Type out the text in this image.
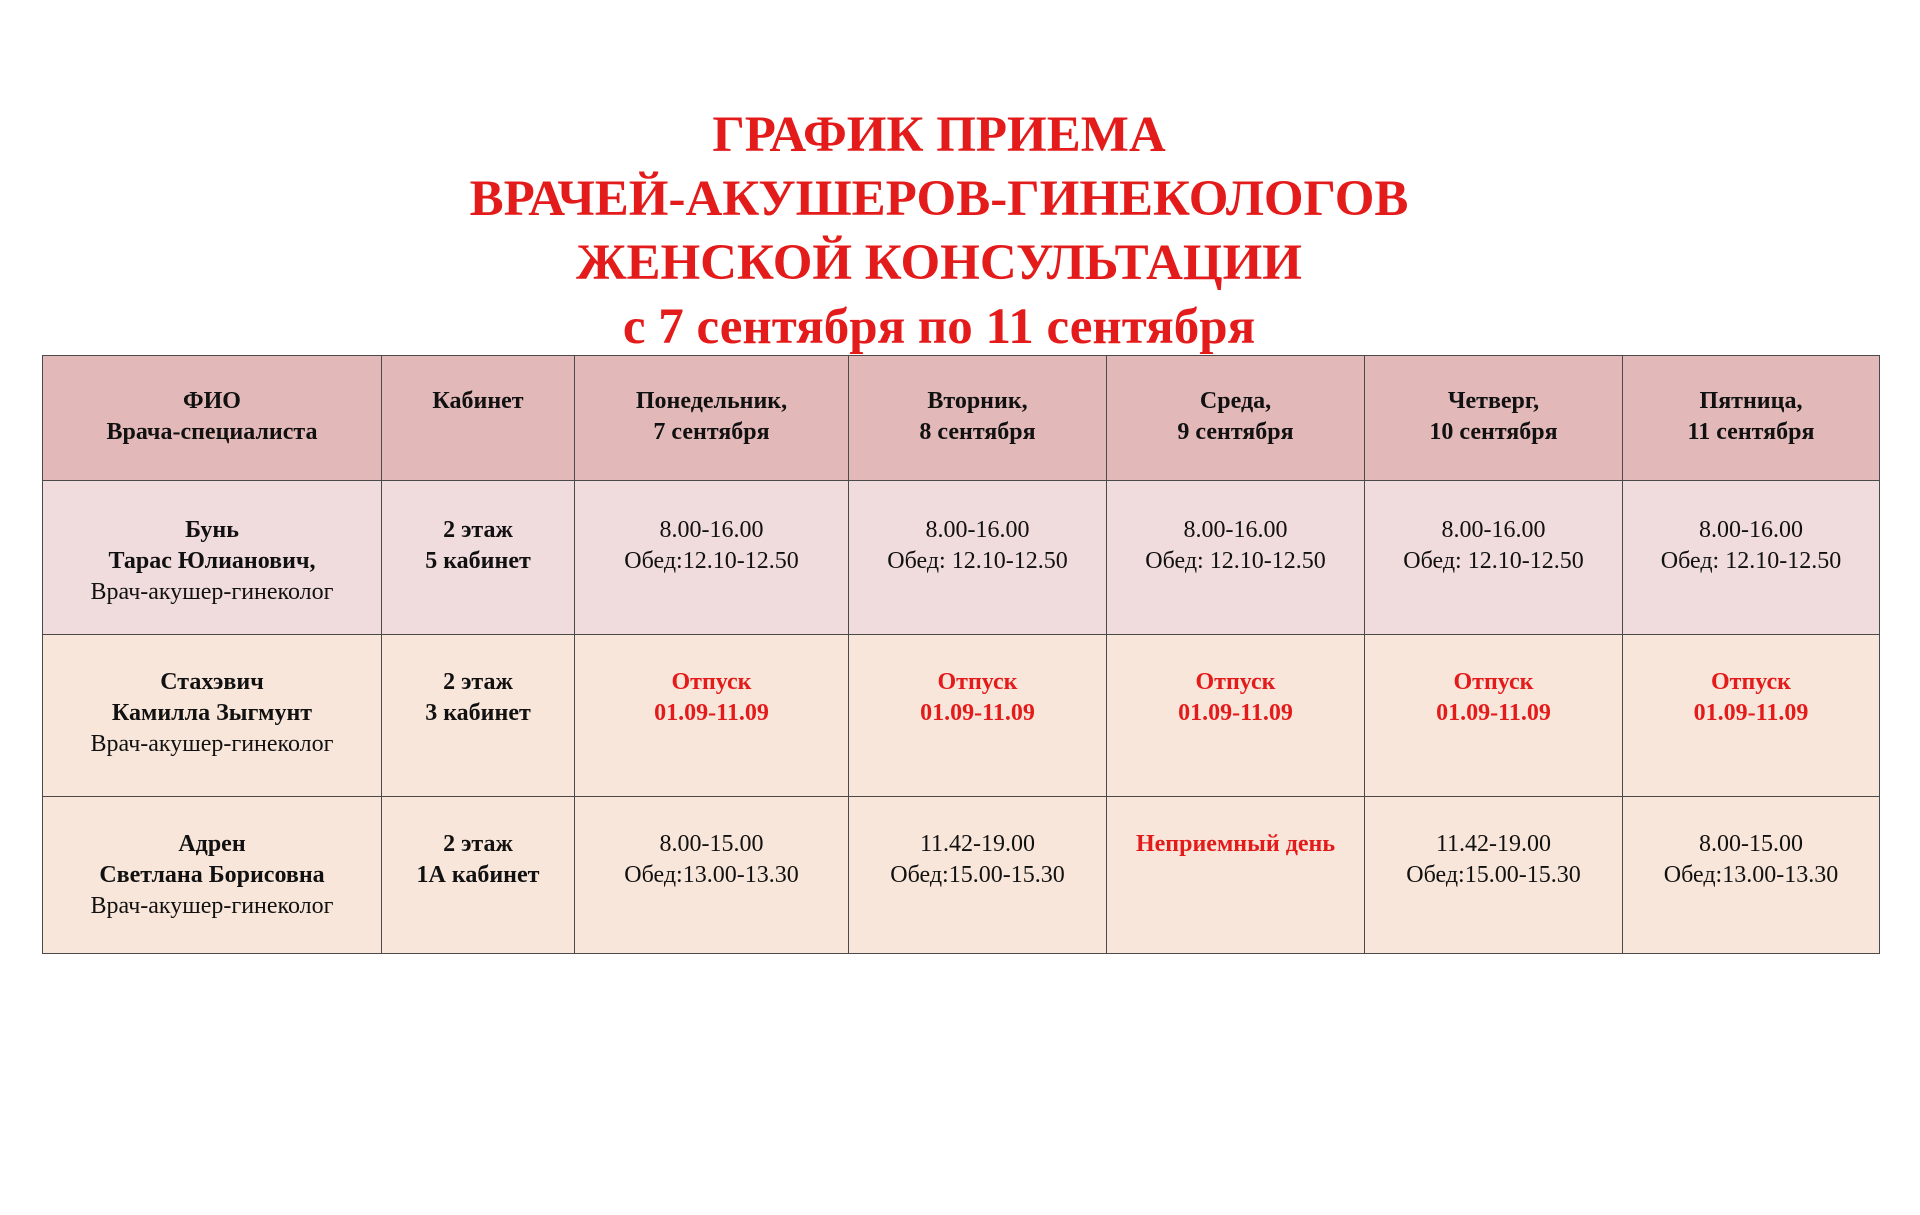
ГРАФИК ПРИЕМА
ВРАЧЕЙ-АКУШЕРОВ-ГИНЕКОЛОГОВ
ЖЕНСКОЙ КОНСУЛЬТАЦИИ
с 7 сентября по 11 сентября
ФИО
Врача-специалиста	Кабинет	Понедельник,
7 сентября	Вторник,
8 сентября	Среда,
9 сентября	Четверг,
10 сентября	Пятница,
11 сентября

Бунь
Тарас Юлианович,
Врач-акушер-гинеколог	2 этаж
5 кабинет	8.00-16.00
Обед:12.10-12.50	8.00-16.00
Обед: 12.10-12.50	8.00-16.00
Обед: 12.10-12.50	8.00-16.00
Обед: 12.10-12.50	8.00-16.00
Обед: 12.10-12.50

Стахэвич
Камилла Зыгмунт
Врач-акушер-гинеколог	2 этаж
3 кабинет	Отпуск
01.09-11.09	Отпуск
01.09-11.09	Отпуск
01.09-11.09	Отпуск
01.09-11.09	Отпуск
01.09-11.09

Адрен
Светлана Борисовна
Врач-акушер-гинеколог	2 этаж
1А кабинет	8.00-15.00
Обед:13.00-13.30	11.42-19.00
Обед:15.00-15.30	Неприемный день	11.42-19.00
Обед:15.00-15.30	8.00-15.00
Обед:13.00-13.30
